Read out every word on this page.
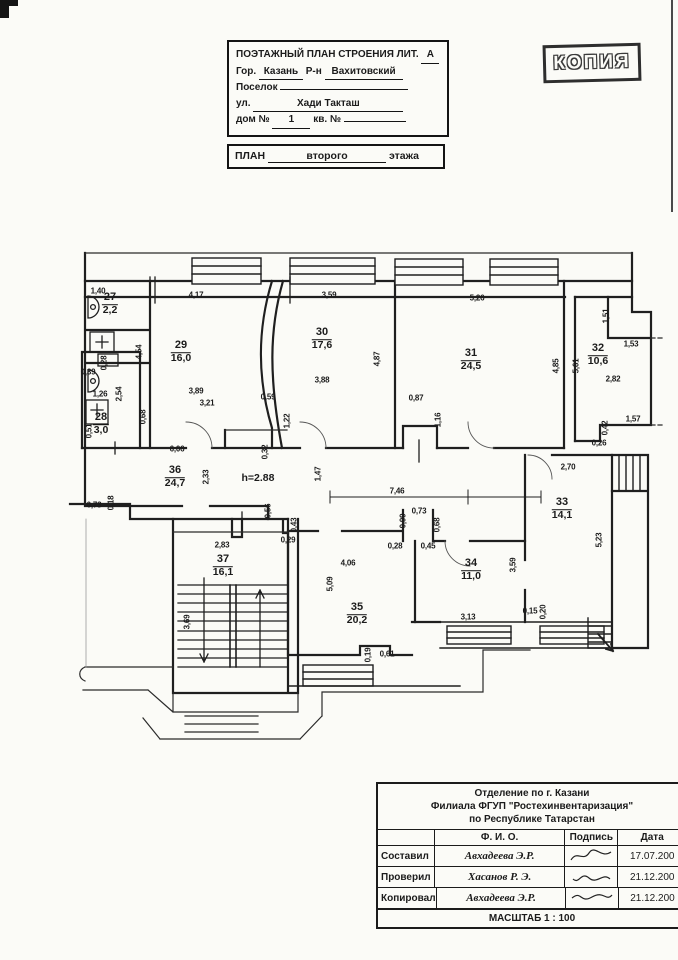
ПОЭТАЖНЫЙ ПЛАН СТРОЕНИЯ ЛИТ. А
Гор. Казань Р-н Вахитовский
Поселок
ул.	Хади Такташ
дом № 1 кв. №
ПЛАН	второго	этажа
КОПИЯ
27
2,2
28
3,0
29
16,0
30
17,6
31
24,5
32
10,6
33
14,1
34
11,0
35
20,2
36
24,7
37
16,1
1,40	4,17	3,59	5,26
1,51
1,53
2,82
4,54
0,28
0,39
1,26 2,54
0,51
0,68
3,89
3,21
0,59
1,22
0,32
3,88
4,87
0,87
1,16
4,85 5,61
1,57
0,42
0,26
6,06
2,33	1,47	2,70
0,73 0,18
7,46
0,56	0,73
0,99	0,68
0,43
0,29
0,28 0,45
2,83
4,06
5,09
3,59
5,23
3,69	3,13
0,15 0,20
0,19 0,61
h=2.88
Отделение по г. Казани
Филиала ФГУП "Ростехинвентаризация"
по Республике Татарстан
Ф. И. О.	Подпись	Дата
Составил	Авхадеева Э.Р.	17.07.200
Проверил	Хасанов Р. Э.	21.12.200
Копировал	Авхадеева Э.Р.	21.12.200
МАСШТАБ 1 : 100
